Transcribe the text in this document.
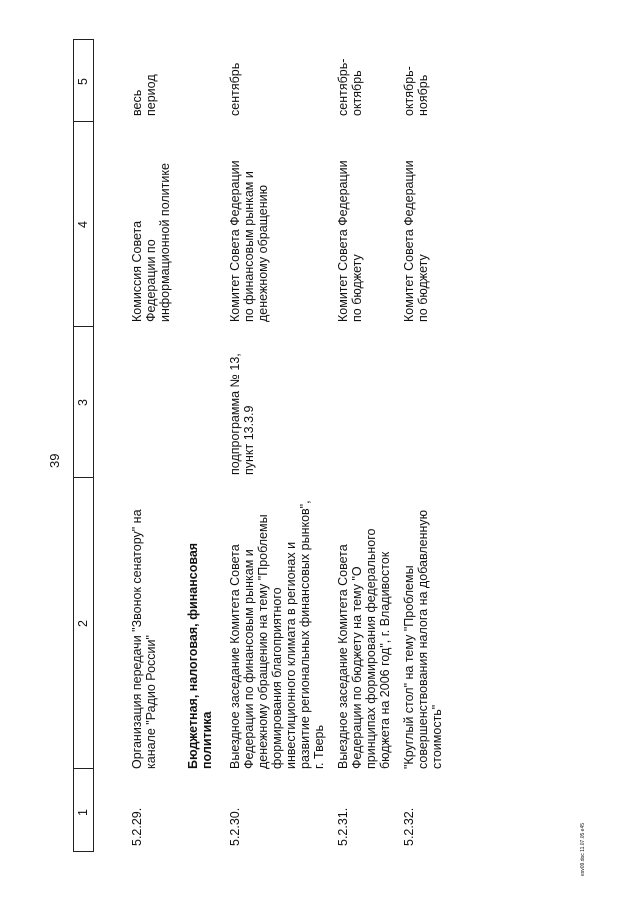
39
1
2
3
4
5
5.2.29.
Организация передачи "Звонок сенатору" на канале "Радио России"
Комиссия Совета Федерации по информационной политике
весь период
Бюджетная, налоговая, финансовая политика
5.2.30.
Выездное заседание Комитета Совета Федерации по финансовым рынкам и денежному обращению на тему "Проблемы формирования благоприятного инвестиционного климата в регионах и развитие региональных финансовых рынков", г. Тверь
подпрограмма № 13, пункт 13.3.9
Комитет Совета Федерации по финансовым рынкам и денежному обращению
сентябрь
5.2.31.
Выездное заседание Комитета Совета Федерации по бюджету на тему "О принципах формирования федерального бюджета на 2006 год", г. Владивосток
Комитет Совета Федерации по бюджету
сентябрь- октябрь
5.2.32.
"Круглый стол" на тему "Проблемы совершенствования налога на добавленную стоимость"
Комитет Совета Федерации по бюджету
октябрь- ноябрь
esv09.doc 11.07.05 e45
